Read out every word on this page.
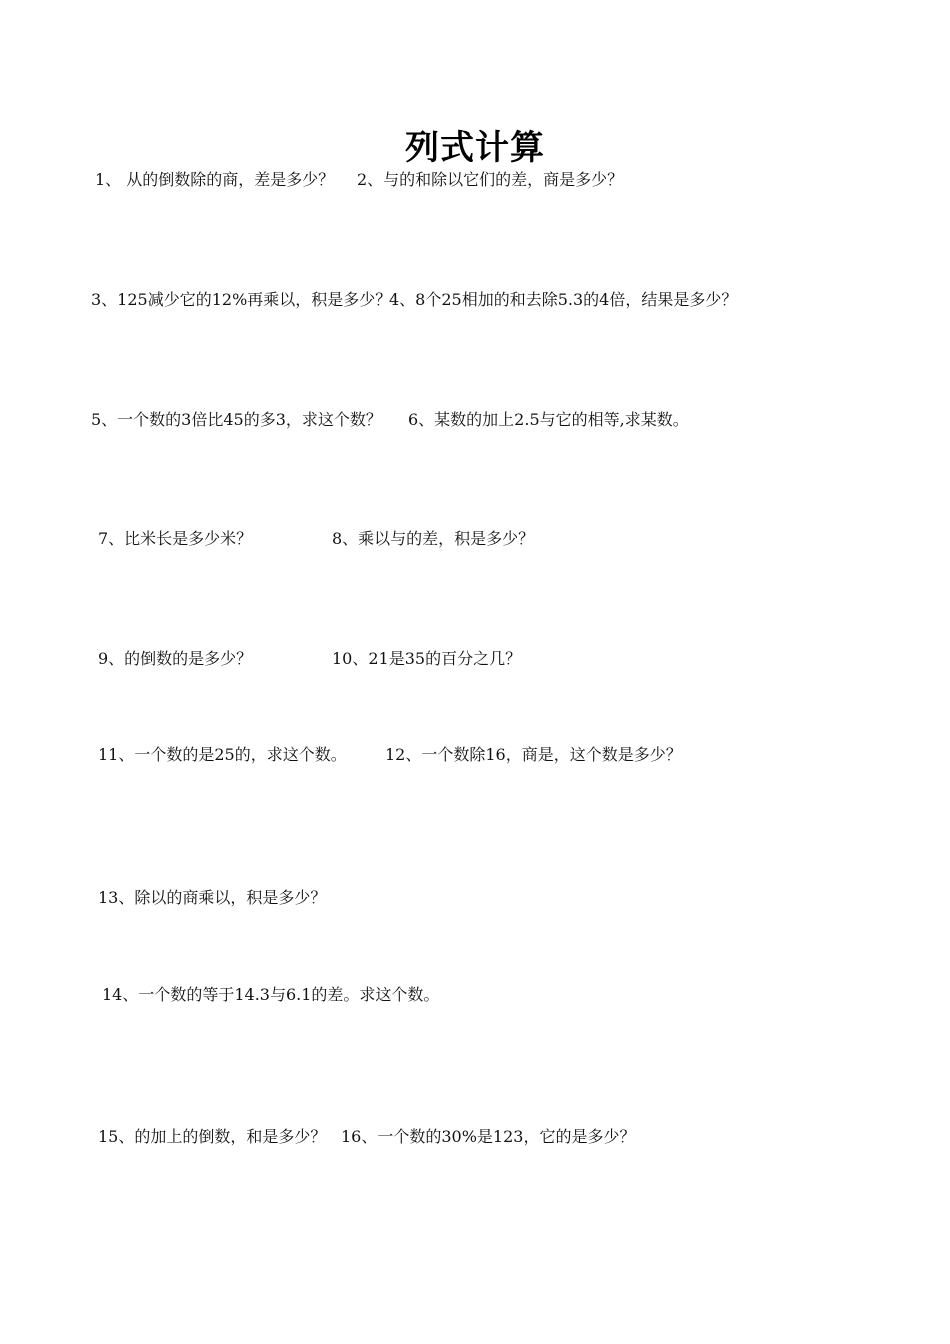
列式计算
1、 从的倒数除的商，差是多少？ 2、与的和除以它们的差，商是多少？
3、125减少它的12%再乘以，积是多少？
4、8个25相加的和去除5.3的4倍，结果是多少？
5、一个数的3倍比45的多3，求这个数？ 6、某数的加上2.5与它的相等,求某数。
7、比米长是多少米？	8、乘以与的差，积是多少？
9、的倒数的是多少？	10、21是35的百分之几？
11、一个数的是25的，求这个数。 12、一个数除16，商是，这个数是多少？
13、除以的商乘以，积是多少？
14、一个数的等于14.3与6.1的差。求这个数。
15、的加上的倒数，和是多少？ 16、一个数的30%是123，它的是多少？
